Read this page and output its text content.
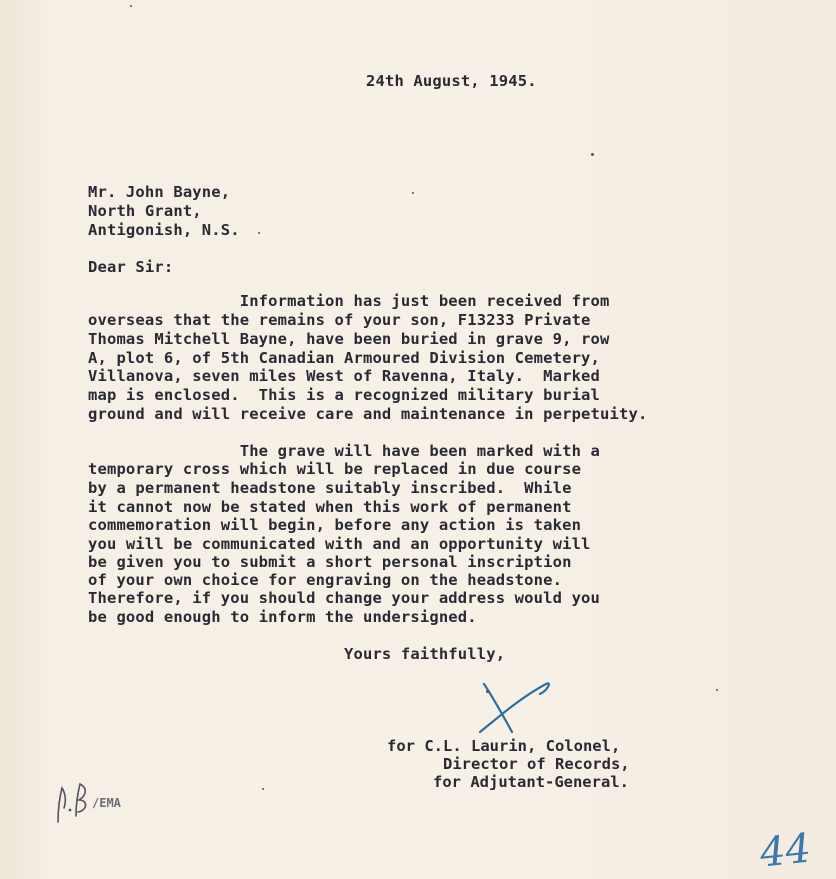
24th August, 1945.
Mr. John Bayne,
North Grant,
Antigonish, N.S.
Dear Sir:
Information has just been received from
overseas that the remains of your son, F13233 Private
Thomas Mitchell Bayne, have been buried in grave 9, row
A, plot 6, of 5th Canadian Armoured Division Cemetery,
Villanova, seven miles West of Ravenna, Italy.  Marked
map is enclosed.  This is a recognized military burial
ground and will receive care and maintenance in perpetuity.
The grave will have been marked with a
temporary cross which will be replaced in due course
by a permanent headstone suitably inscribed.  While
it cannot now be stated when this work of permanent
commemoration will begin, before any action is taken
you will be communicated with and an opportunity will
be given you to submit a short personal inscription
of your own choice for engraving on the headstone.
Therefore, if you should change your address would you
be good enough to inform the undersigned.
Yours faithfully,
for C.L. Laurin, Colonel,
Director of Records,
for Adjutant-General.
/EMA
44
